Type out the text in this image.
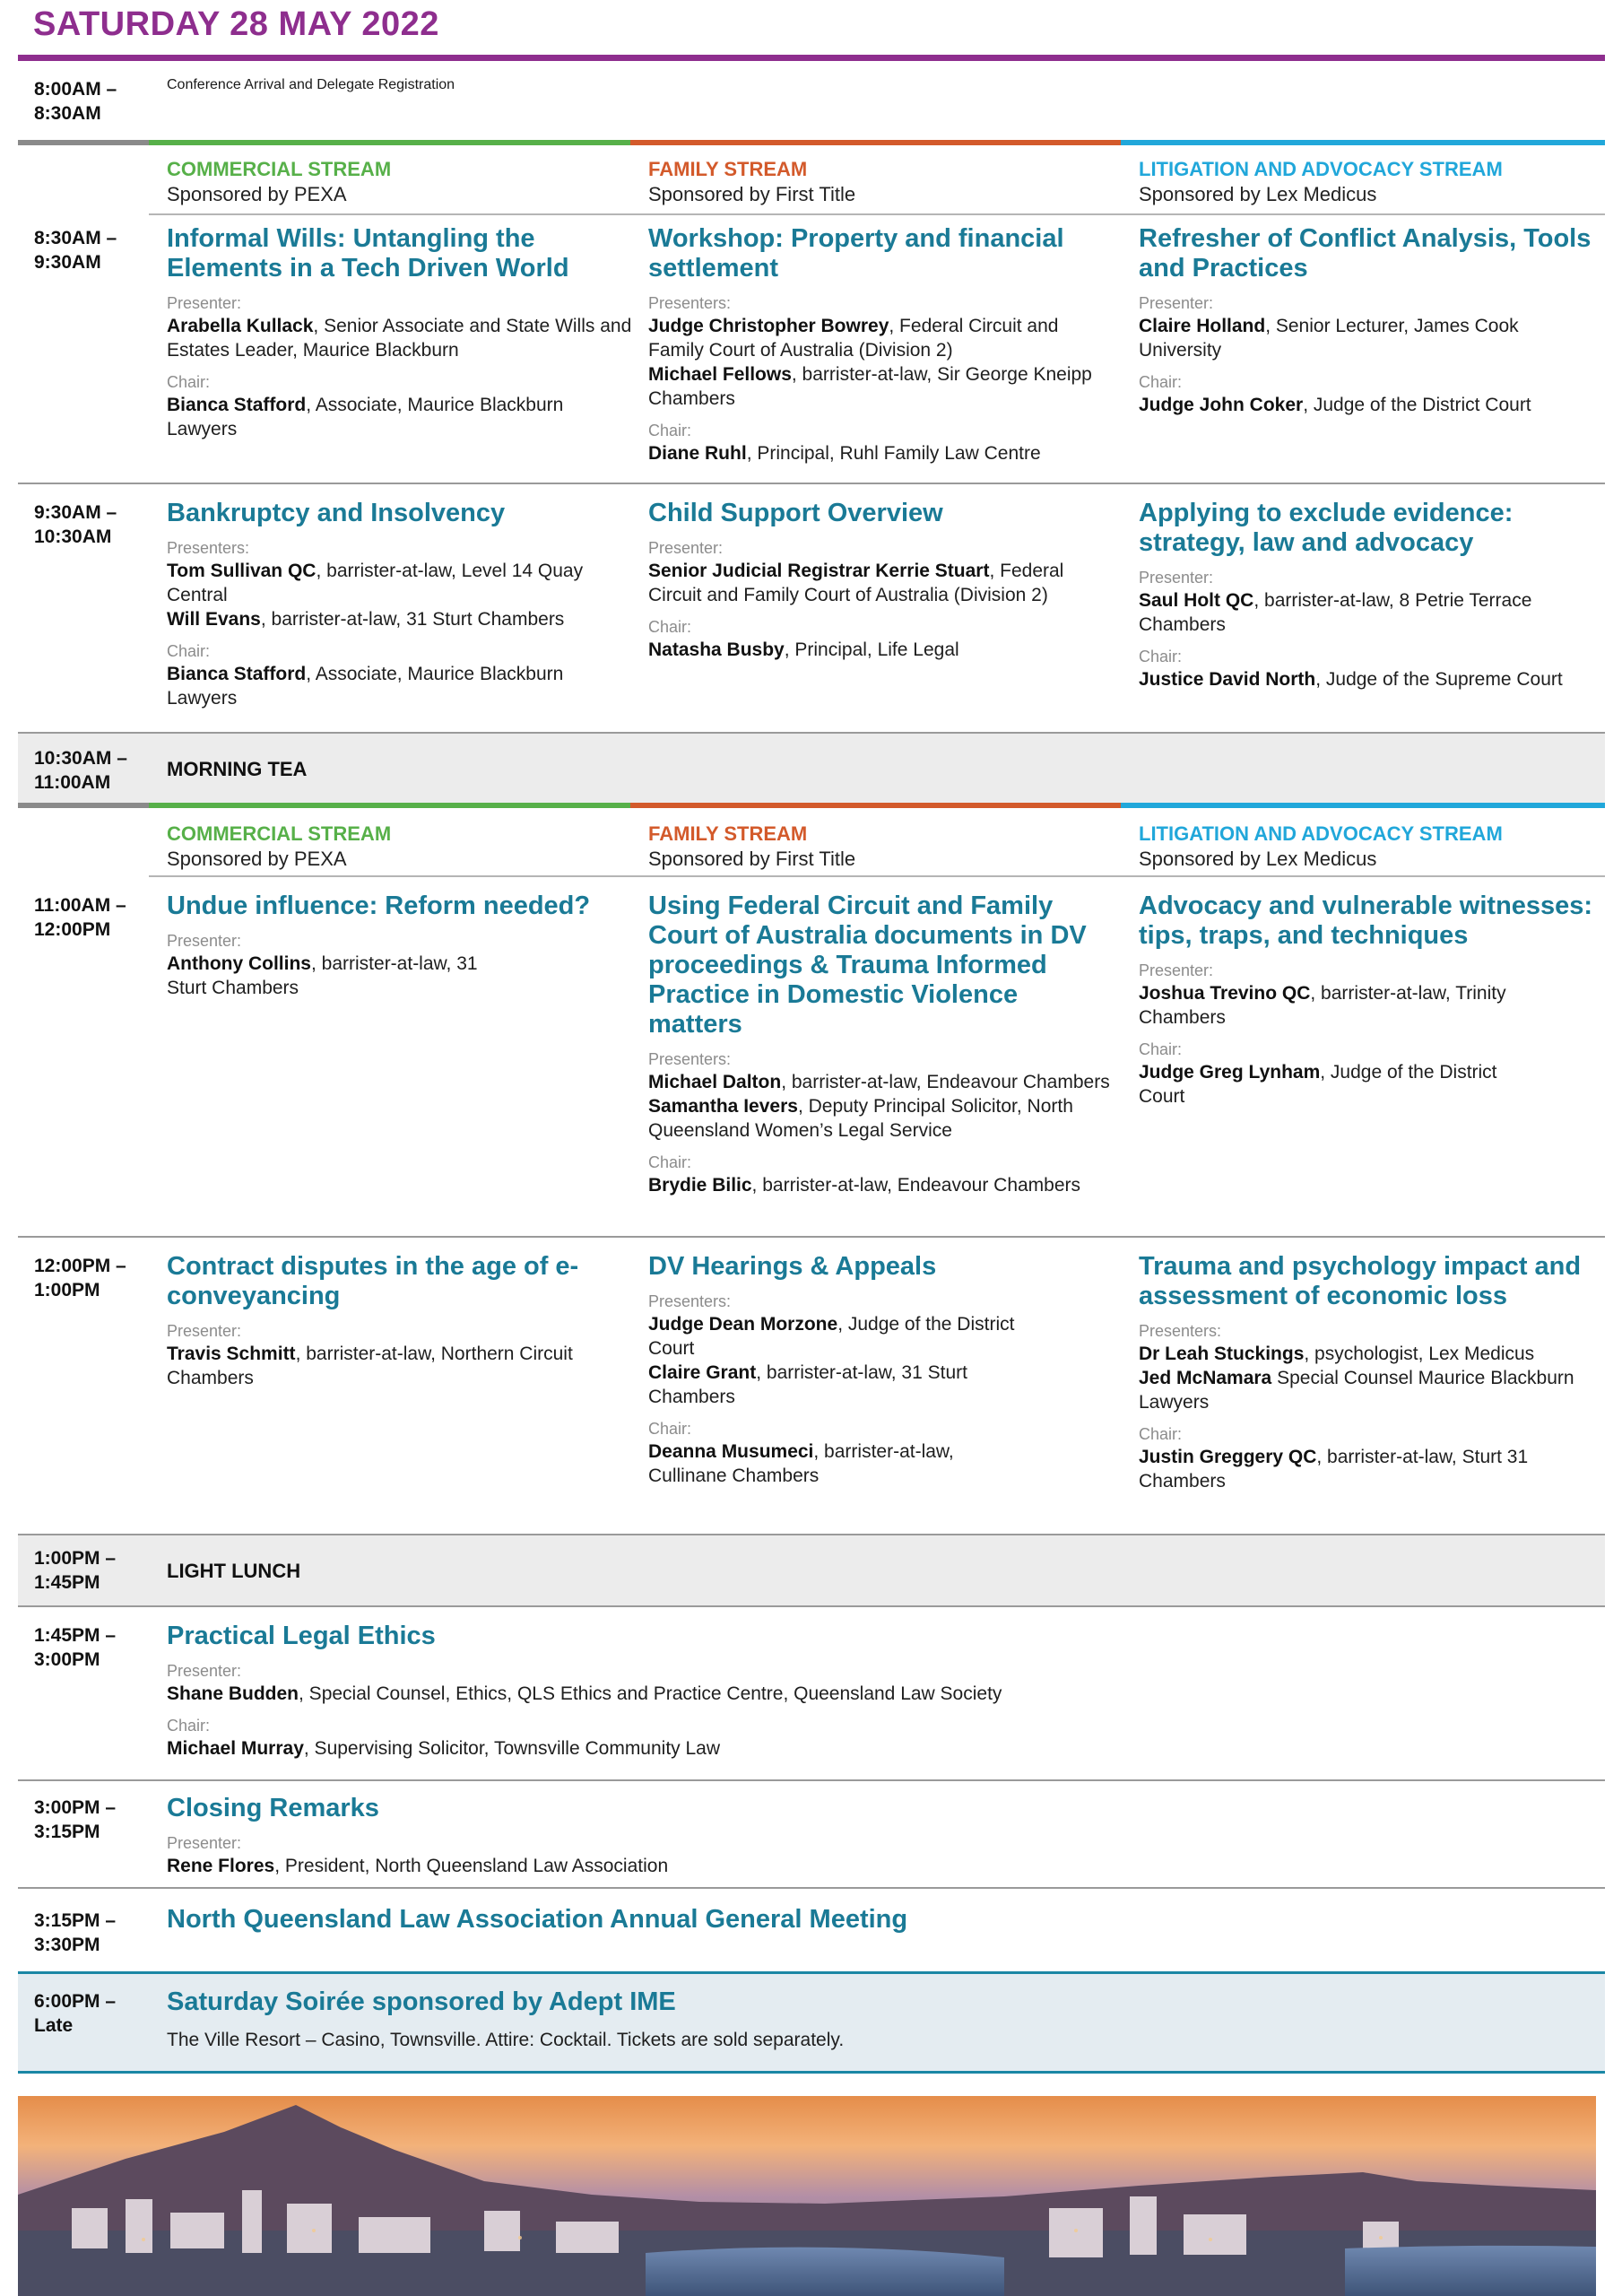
SATURDAY 28 MAY 2022
8:00AM –
8:30AM
Conference Arrival and Delegate Registration
COMMERCIAL STREAM
Sponsored by PEXA
FAMILY STREAM
Sponsored by First Title
LITIGATION AND ADVOCACY STREAM
Sponsored by Lex Medicus
8:30AM –
9:30AM
Informal Wills: Untangling the Elements in a Tech Driven World
Presenter:
Arabella Kullack, Senior Associate and State Wills and Estates Leader, Maurice Blackburn
Chair:
Bianca Stafford, Associate, Maurice Blackburn Lawyers
Workshop: Property and financial settlement
Presenters:
Judge Christopher Bowrey, Federal Circuit and Family Court of Australia (Division 2)
Michael Fellows, barrister-at-law, Sir George Kneipp Chambers
Chair:
Diane Ruhl, Principal, Ruhl Family Law Centre
Refresher of Conflict Analysis, Tools and Practices
Presenter:
Claire Holland, Senior Lecturer, James Cook University
Chair:
Judge John Coker, Judge of the District Court
9:30AM –
10:30AM
Bankruptcy and Insolvency
Presenters:
Tom Sullivan QC, barrister-at-law, Level 14 Quay Central
Will Evans, barrister-at-law, 31 Sturt Chambers
Chair:
Bianca Stafford, Associate, Maurice Blackburn Lawyers
Child Support Overview
Presenter:
Senior Judicial Registrar Kerrie Stuart, Federal Circuit and Family Court of Australia (Division 2)
Chair:
Natasha Busby, Principal, Life Legal
Applying to exclude evidence: strategy, law and advocacy
Presenter:
Saul Holt QC, barrister-at-law, 8 Petrie Terrace Chambers
Chair:
Justice David North, Judge of the Supreme Court
10:30AM –
11:00AM
MORNING TEA
COMMERCIAL STREAM
Sponsored by PEXA
FAMILY STREAM
Sponsored by First Title
LITIGATION AND ADVOCACY STREAM
Sponsored by Lex Medicus
11:00AM –
12:00PM
Undue influence: Reform needed?
Presenter:
Anthony Collins, barrister-at-law, 31 Sturt Chambers
Using Federal Circuit and Family Court of Australia documents in DV proceedings & Trauma Informed Practice in Domestic Violence matters
Presenters:
Michael Dalton, barrister-at-law, Endeavour Chambers
Samantha Ievers, Deputy Principal Solicitor, North Queensland Women’s Legal Service
Chair:
Brydie Bilic, barrister-at-law, Endeavour Chambers
Advocacy and vulnerable witnesses: tips, traps, and techniques
Presenter:
Joshua Trevino QC, barrister-at-law, Trinity Chambers
Chair:
Judge Greg Lynham, Judge of the District Court
12:00PM –
1:00PM
Contract disputes in the age of e-conveyancing
Presenter:
Travis Schmitt, barrister-at-law, Northern Circuit Chambers
DV Hearings & Appeals
Presenters:
Judge Dean Morzone, Judge of the District Court
Claire Grant, barrister-at-law, 31 Sturt Chambers
Chair:
Deanna Musumeci, barrister-at-law, Cullinane Chambers
Trauma and psychology impact and assessment of economic loss
Presenters:
Dr Leah Stuckings, psychologist, Lex Medicus
Jed McNamara Special Counsel Maurice Blackburn Lawyers
Chair:
Justin Greggery QC, barrister-at-law, Sturt 31 Chambers
1:00PM –
1:45PM
LIGHT LUNCH
1:45PM –
3:00PM
Practical Legal Ethics
Presenter:
Shane Budden, Special Counsel, Ethics, QLS Ethics and Practice Centre, Queensland Law Society
Chair:
Michael Murray, Supervising Solicitor, Townsville Community Law
3:00PM –
3:15PM
Closing Remarks
Presenter:
Rene Flores, President, North Queensland Law Association
3:15PM –
3:30PM
North Queensland Law Association Annual General Meeting
6:00PM –
Late
Saturday Soirée sponsored by Adept IME
The Ville Resort – Casino, Townsville. Attire: Cocktail. Tickets are sold separately.
